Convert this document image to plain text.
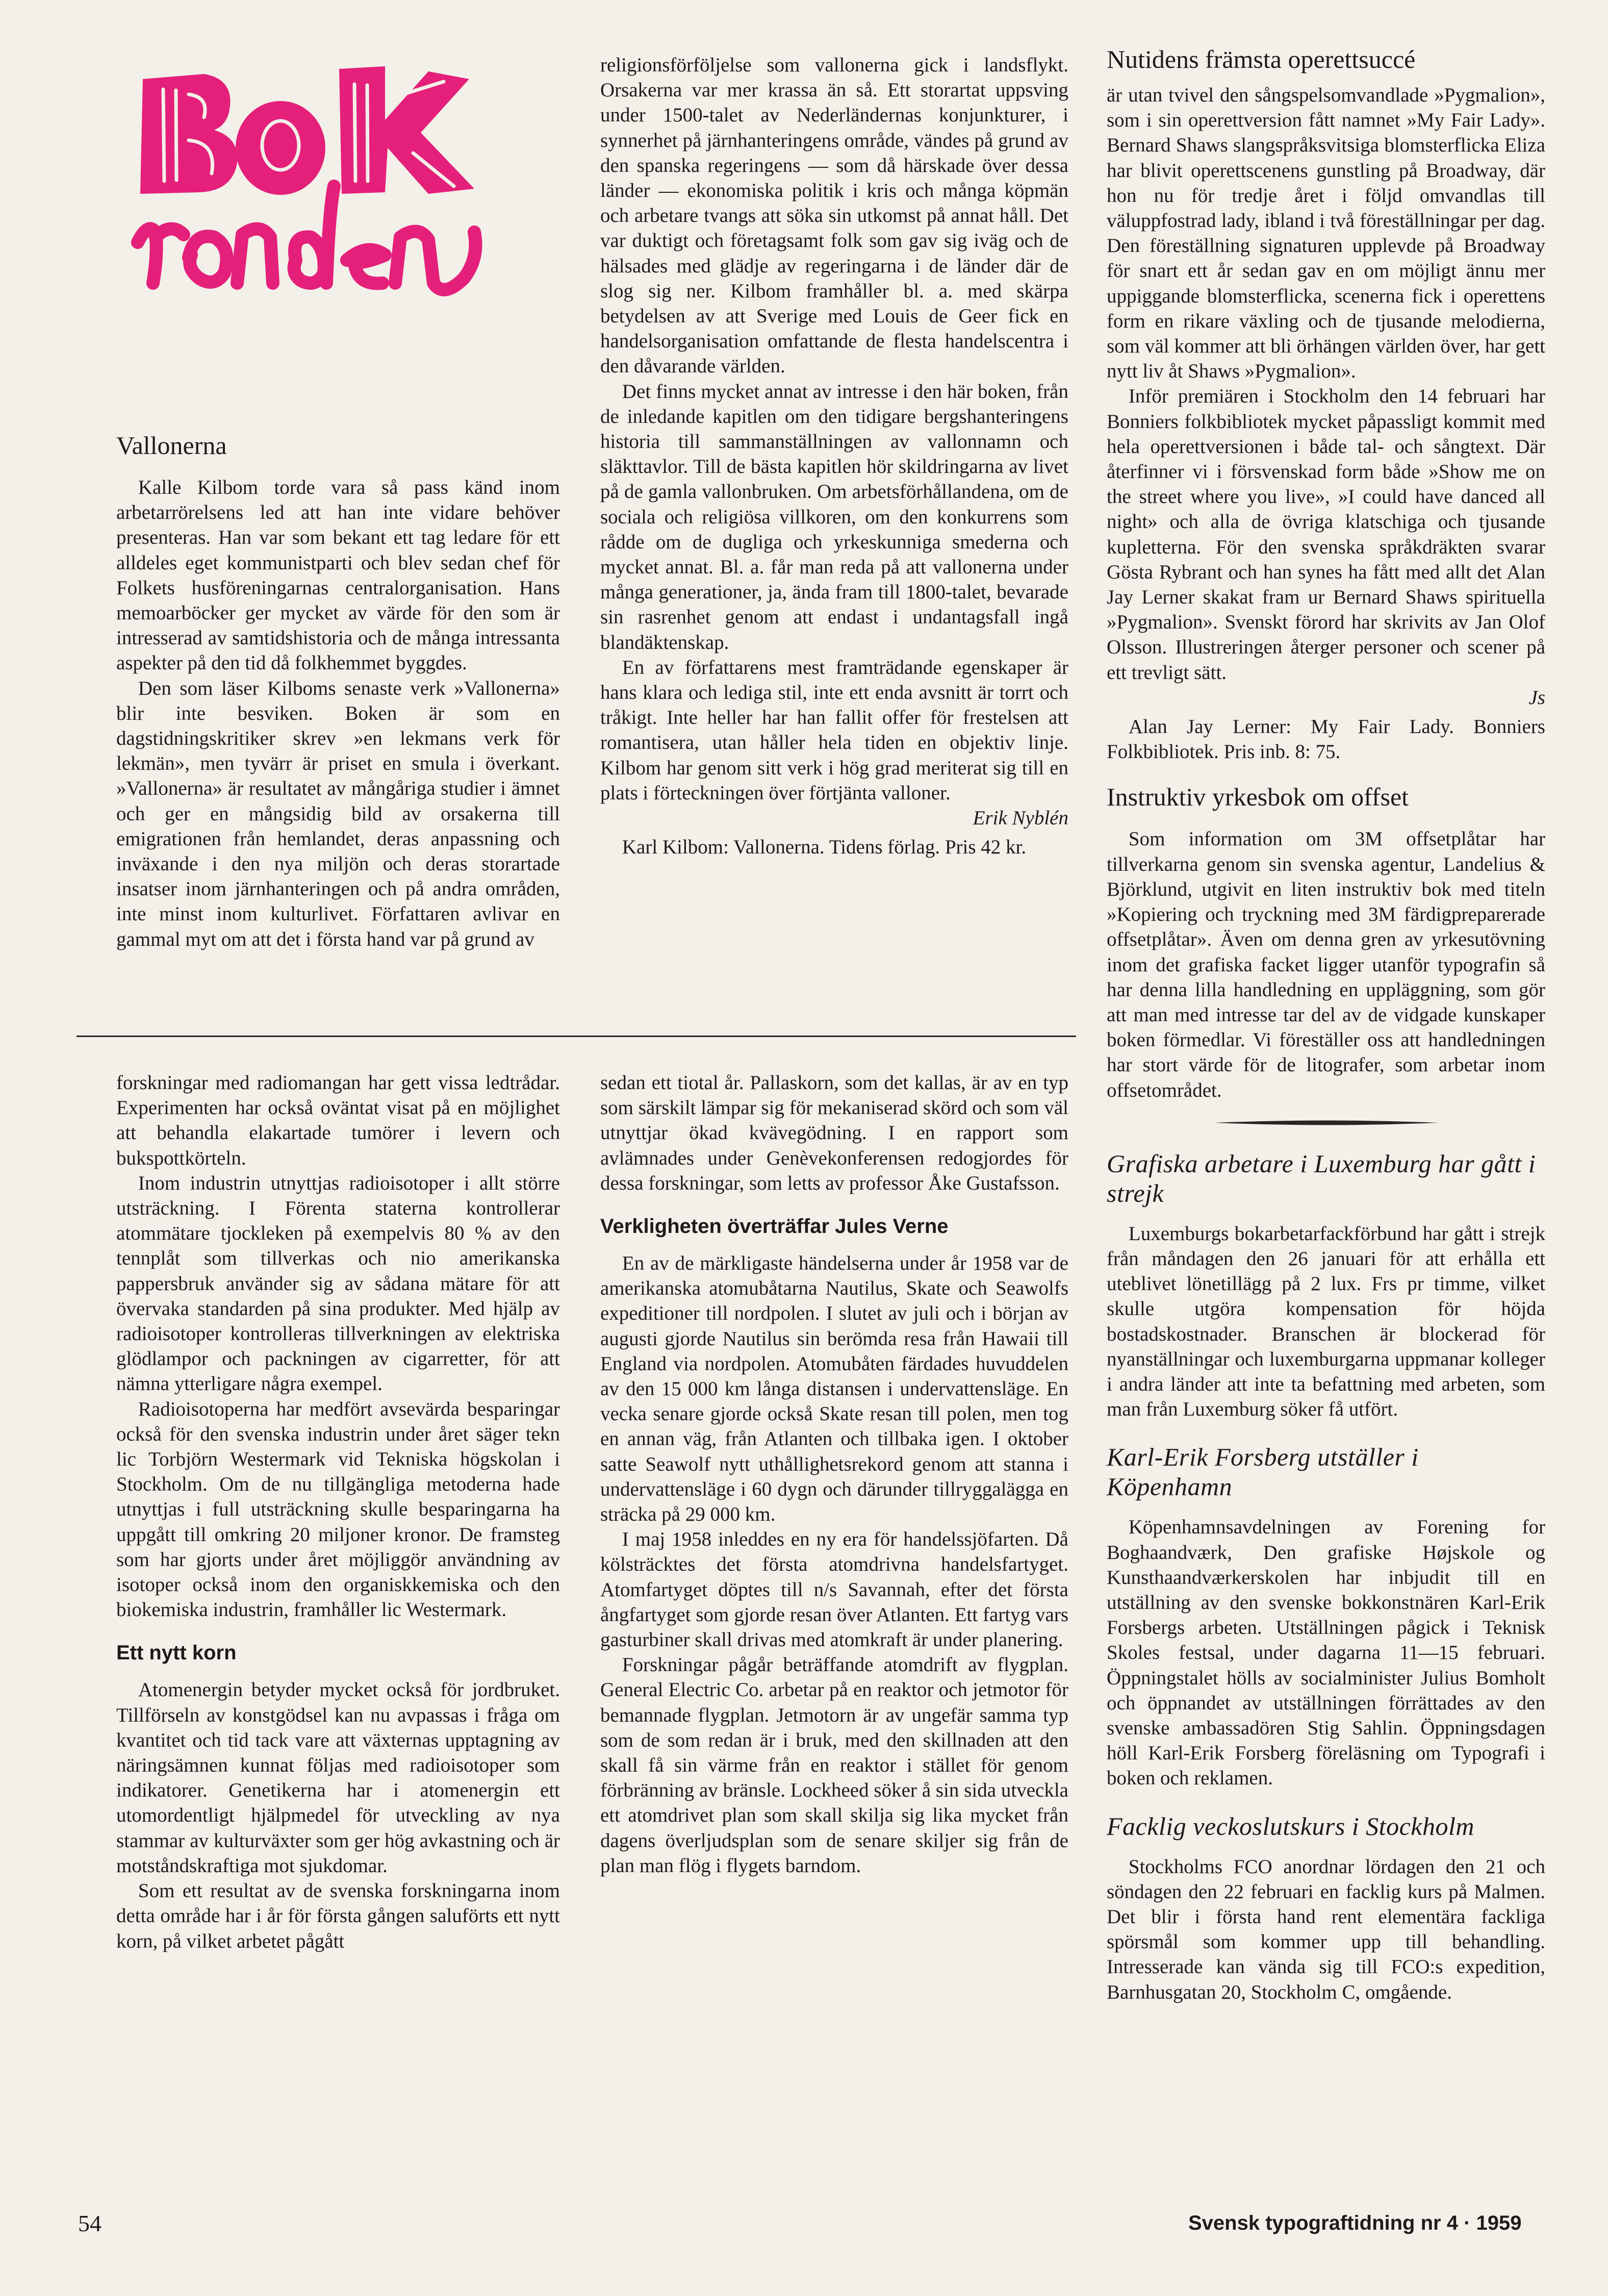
Vallonerna

Kalle Kilbom torde vara så pass känd inom arbetarrörelsens led att han inte vidare behöver presenteras. Han var som bekant ett tag ledare för ett alldeles eget kommunistparti och blev sedan chef för Folkets husföreningarnas centralorganisation. Hans memoarböcker ger mycket av värde för den som är intresserad av samtidshistoria och de många intressanta aspekter på den tid då folkhemmet byggdes.

Den som läser Kilboms senaste verk »Vallonerna» blir inte besviken. Boken är som en dagstidningskritiker skrev »en lekmans verk för lekmän», men tyvärr är priset en smula i överkant. »Vallonerna» är resultatet av mångåriga studier i ämnet och ger en mångsidig bild av orsakerna till emigrationen från hemlandet, deras anpassning och inväxande i den nya miljön och deras storartade insatser inom järnhanteringen och på andra områden, inte minst inom kulturlivet. Författaren avlivar en gammal myt om att det i första hand var på grund av

religionsförföljelse som vallonerna gick i landsflykt. Orsakerna var mer krassa än så. Ett storartat uppsving under 1500-talet av Nederländernas konjunkturer, i synnerhet på järnhanteringens område, vändes på grund av den spanska regeringens — som då härskade över dessa länder — ekonomiska politik i kris och många köpmän och arbetare tvangs att söka sin utkomst på annat håll. Det var duktigt och företagsamt folk som gav sig iväg och de hälsades med glädje av regeringarna i de länder där de slog sig ner. Kilbom framhåller bl. a. med skärpa betydelsen av att Sverige med Louis de Geer fick en handelsorganisation omfattande de flesta handelscentra i den dåvarande världen.

Det finns mycket annat av intresse i den här boken, från de inledande kapitlen om den tidigare bergshanteringens historia till sammanställningen av vallonnamn och släkttavlor. Till de bästa kapitlen hör skildringarna av livet på de gamla vallonbruken. Om arbetsförhållandena, om de sociala och religiösa villkoren, om den konkurrens som rådde om de dugliga och yrkeskunniga smederna och mycket annat. Bl. a. får man reda på att vallonerna under många generationer, ja, ända fram till 1800-talet, bevarade sin rasrenhet genom att endast i undantagsfall ingå blandäktenskap.

En av författarens mest framträdande egenskaper är hans klara och lediga stil, inte ett enda avsnitt är torrt och tråkigt. Inte heller har han fallit offer för frestelsen att romantisera, utan håller hela tiden en objektiv linje. Kilbom har genom sitt verk i hög grad meriterat sig till en plats i förteckningen över förtjänta valloner.

Erik Nyblén

Karl Kilbom: Vallonerna. Tidens förlag. Pris 42 kr.

Nutidens främsta operettsuccé

är utan tvivel den sångspelsomvandlade »Pygmalion», som i sin operettversion fått namnet »My Fair Lady». Bernard Shaws slangspråksvitsiga blomsterflicka Eliza har blivit operettscenens gunstling på Broadway, där hon nu för tredje året i följd omvandlas till väluppfostrad lady, ibland i två föreställningar per dag. Den föreställning signaturen upplevde på Broadway för snart ett år sedan gav en om möjligt ännu mer uppiggande blomsterflicka, scenerna fick i operettens form en rikare växling och de tjusande melodierna, som väl kommer att bli örhängen världen över, har gett nytt liv åt Shaws »Pygmalion».

Inför premiären i Stockholm den 14 februari har Bonniers folkbibliotek mycket påpassligt kommit med hela operettversionen i både tal- och sångtext. Där återfinner vi i försvenskad form både »Show me on the street where you live», »I could have danced all night» och alla de övriga klatschiga och tjusande kupletterna. För den svenska språkdräkten svarar Gösta Rybrant och han synes ha fått med allt det Alan Jay Lerner skakat fram ur Bernard Shaws spirituella »Pygmalion». Svenskt förord har skrivits av Jan Olof Olsson. Illustreringen återger personer och scener på ett trevligt sätt.

Js

Alan Jay Lerner: My Fair Lady. Bonniers Folkbibliotek. Pris inb. 8: 75.

Instruktiv yrkesbok om offset

Som information om 3M offsetplåtar har tillverkarna genom sin svenska agentur, Landelius & Björklund, utgivit en liten instruktiv bok med titeln »Kopiering och tryckning med 3M färdigpreparerade offsetplåtar». Även om denna gren av yrkesutövning inom det grafiska facket ligger utanför typografin så har denna lilla handledning en uppläggning, som gör att man med intresse tar del av de vidgade kunskaper boken förmedlar. Vi föreställer oss att handledningen har stort värde för de litografer, som arbetar inom offsetområdet.

Grafiska arbetare i Luxemburg har gått i strejk

Luxemburgs bokarbetarfackförbund har gått i strejk från måndagen den 26 januari för att erhålla ett uteblivet lönetillägg på 2 lux. Frs pr timme, vilket skulle utgöra kompensation för höjda bostadskostnader. Branschen är blockerad för nyanställningar och luxemburgarna uppmanar kolleger i andra länder att inte ta befattning med arbeten, som man från Luxemburg söker få utfört.

Karl-Erik Forsberg utställer i Köpenhamn

Köpenhamnsavdelningen av Forening for Boghaandværk, Den grafiske Højskole og Kunsthaandværkerskolen har inbjudit till en utställning av den svenske bokkonstnären Karl-Erik Forsbergs arbeten. Utställningen pågick i Teknisk Skoles festsal, under dagarna 11—15 februari. Öppningstalet hölls av socialminister Julius Bomholt och öppnandet av utställningen förrättades av den svenske ambassadören Stig Sahlin. Öppningsdagen höll Karl-Erik Forsberg föreläsning om Typografi i boken och reklamen.

Facklig veckoslutskurs i Stockholm

Stockholms FCO anordnar lördagen den 21 och söndagen den 22 februari en facklig kurs på Malmen. Det blir i första hand rent elementära fackliga spörsmål som kommer upp till behandling. Intresserade kan vända sig till FCO:s expedition, Barnhusgatan 20, Stockholm C, omgående.

forskningar med radiomangan har gett vissa ledtrådar. Experimenten har också oväntat visat på en möjlighet att behandla elakartade tumörer i levern och bukspottkörteln.

Inom industrin utnyttjas radioisotoper i allt större utsträckning. I Förenta staterna kontrollerar atommätare tjockleken på exempelvis 80 % av den tennplåt som tillverkas och nio amerikanska pappersbruk använder sig av sådana mätare för att övervaka standarden på sina produkter. Med hjälp av radioisotoper kontrolleras tillverkningen av elektriska glödlampor och packningen av cigarretter, för att nämna ytterligare några exempel.

Radioisotoperna har medfört avsevärda besparingar också för den svenska industrin under året säger tekn lic Torbjörn Westermark vid Tekniska högskolan i Stockholm. Om de nu tillgängliga metoderna hade utnyttjas i full utsträckning skulle besparingarna ha uppgått till omkring 20 miljoner kronor. De framsteg som har gjorts under året möjliggör användning av isotoper också inom den organiskkemiska och den biokemiska industrin, framhåller lic Westermark.

Ett nytt korn

Atomenergin betyder mycket också för jordbruket. Tillförseln av konstgödsel kan nu avpassas i fråga om kvantitet och tid tack vare att växternas upptagning av näringsämnen kunnat följas med radioisotoper som indikatorer. Genetikerna har i atomenergin ett utomordentligt hjälpmedel för utveckling av nya stammar av kulturväxter som ger hög avkastning och är motståndskraftiga mot sjukdomar.

Som ett resultat av de svenska forskningarna inom detta område har i år för första gången saluförts ett nytt korn, på vilket arbetet pågått

sedan ett tiotal år. Pallaskorn, som det kallas, är av en typ som särskilt lämpar sig för mekaniserad skörd och som väl utnyttjar ökad kvävegödning. I en rapport som avlämnades under Genèvekonferensen redogjordes för dessa forskningar, som letts av professor Åke Gustafsson.

Verkligheten överträffar Jules Verne

En av de märkligaste händelserna under år 1958 var de amerikanska atomubåtarna Nautilus, Skate och Seawolfs expeditioner till nordpolen. I slutet av juli och i början av augusti gjorde Nautilus sin berömda resa från Hawaii till England via nordpolen. Atomubåten färdades huvuddelen av den 15 000 km långa distansen i undervattensläge. En vecka senare gjorde också Skate resan till polen, men tog en annan väg, från Atlanten och tillbaka igen. I oktober satte Seawolf nytt uthållighetsrekord genom att stanna i undervattensläge i 60 dygn och därunder tillryggalägga en sträcka på 29 000 km.

I maj 1958 inleddes en ny era för handelssjöfarten. Då kölsträcktes det första atomdrivna handelsfartyget. Atomfartyget döptes till n/s Savannah, efter det första ångfartyget som gjorde resan över Atlanten. Ett fartyg vars gasturbiner skall drivas med atomkraft är under planering.

Forskningar pågår beträffande atomdrift av flygplan. General Electric Co. arbetar på en reaktor och jetmotor för bemannade flygplan. Jetmotorn är av ungefär samma typ som de som redan är i bruk, med den skillnaden att den skall få sin värme från en reaktor i stället för genom förbränning av bränsle. Lockheed söker å sin sida utveckla ett atomdrivet plan som skall skilja sig lika mycket från dagens överljudsplan som de senare skiljer sig från de plan man flög i flygets barndom.

54	Svensk typograftidning nr 4 · 1959
